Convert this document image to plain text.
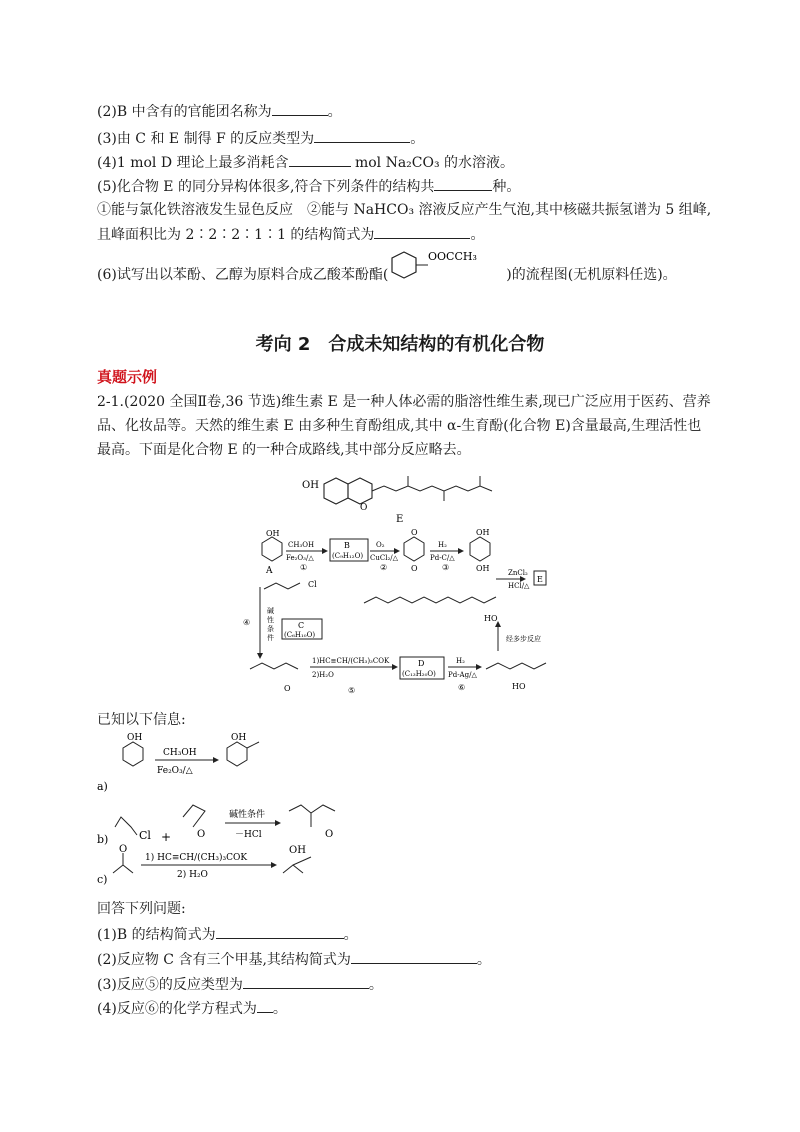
(2)B 中含有的官能团名称为	。
(3)由 C 和 E 制得 F 的反应类型为	。
(4)1 mol D 理论上最多消耗含	mol Na₂CO₃ 的水溶液。
(5)化合物 E 的同分异构体很多,符合下列条件的结构共	种。
①能与氯化铁溶液发生显色反应　②能与 NaHCO₃ 溶液反应产生气泡,其中核磁共振氢谱为 5 组峰,
且峰面积比为 2∶2∶2∶1∶1 的结构简式为	。
(6)试写出以苯酚、乙醇为原料合成乙酸苯酚酯(	)的流程图(无机原料任选)。
OOCCH₃
考向 2　合成未知结构的有机化合物
真题示例
2-1.(2020 全国Ⅱ卷,36 节选)维生素 E 是一种人体必需的脂溶性维生素,现已广泛应用于医药、营养
品、化妆品等。天然的维生素 E 由多种生育酚组成,其中 α-生育酚(化合物 E)含量最高,生理活性也
最高。下面是化合物 E 的一种合成路线,其中部分反应略去。
OH
O
E
OH
A
CH₃OH
Fe₂O₃/△
①
B
(C₉H₁₂O)
O₂
CuCl₂/△
②
O
O
H₂
Pd-C/△
③
OH
OH	ZnCl₂
HCl/△
E
HO
④
碱
性
条
件
Cl
C
(C₆H₁₀O)
O
1)HC≡CH/(CH₃)₃COK
2)H₂O
⑤
D
(C₁₃H₂₀O)
H₂
Pd-Ag/△
⑥	HO
经多步反应
已知以下信息:
OH
a)
CH₃OH
Fe₂O₃/△
OH
b)	Cl +	O
碱性条件
－HCl	O
c)
O
1) HC≡CH/(CH₃)₃COK
2) H₂O
OH
回答下列问题:
(1)B 的结构简式为	。
(2)反应物 C 含有三个甲基,其结构简式为	。
(3)反应⑤的反应类型为	。
(4)反应⑥的化学方程式为 。
